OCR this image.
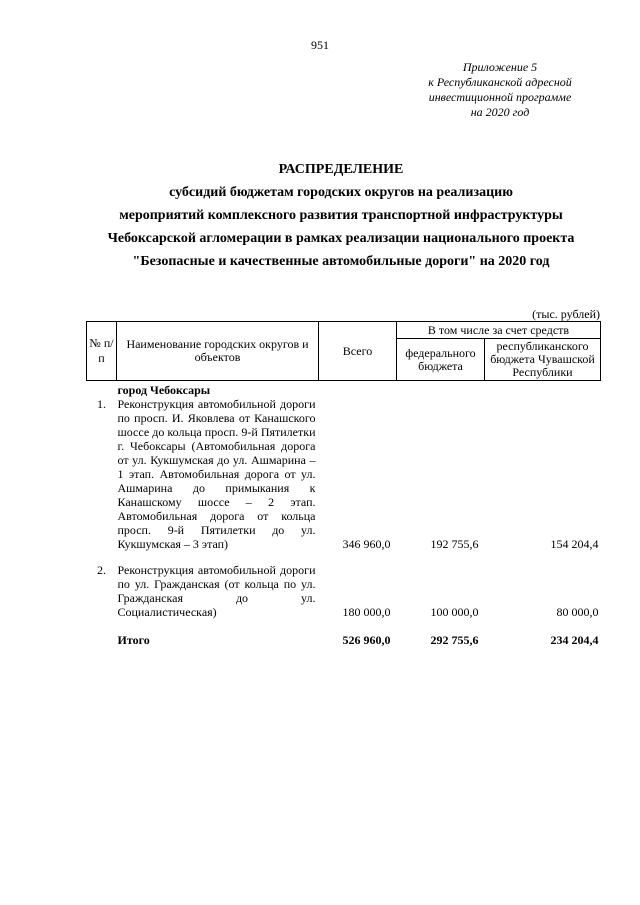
951
Приложение 5
к Республиканской адресной
инвестиционной программе
на 2020 год
РАСПРЕДЕЛЕНИЕ
субсидий бюджетам городских округов на реализацию
мероприятий комплексного развития транспортной инфраструктуры
Чебоксарской агломерации в рамках реализации национального проекта
"Безопасные и качественные автомобильные дороги" на 2020 год
(тыс. рублей)
№ п/п	Наименование городских округов и объектов	Всего	В том числе за счет средств	
			федерального бюджета	республиканского бюджета Чувашской Республики
	город Чебоксары			
1.	Реконструкция автомобильной дороги по просп. И. Яковлева от Канашского шоссе до кольца просп. 9-й Пятилетки г. Чебоксары (Автомобильная дорога от ул. Кукшумская до ул. Ашмарина – 1 этап. Автомобильная дорога от ул. Ашмарина до примыкания к Канашскому шоссе – 2 этап. Автомобильная дорога от кольца просп. 9-й Пятилетки до ул. Кукшумская – 3 этап)	346 960,0	192 755,6	154 204,4

2.	Реконструкция автомобильной дороги по ул. Гражданская (от кольца по ул. Гражданская до ул. Социалистическая)	180 000,0	100 000,0	80 000,0

	Итого	526 960,0	292 755,6	234 204,4
